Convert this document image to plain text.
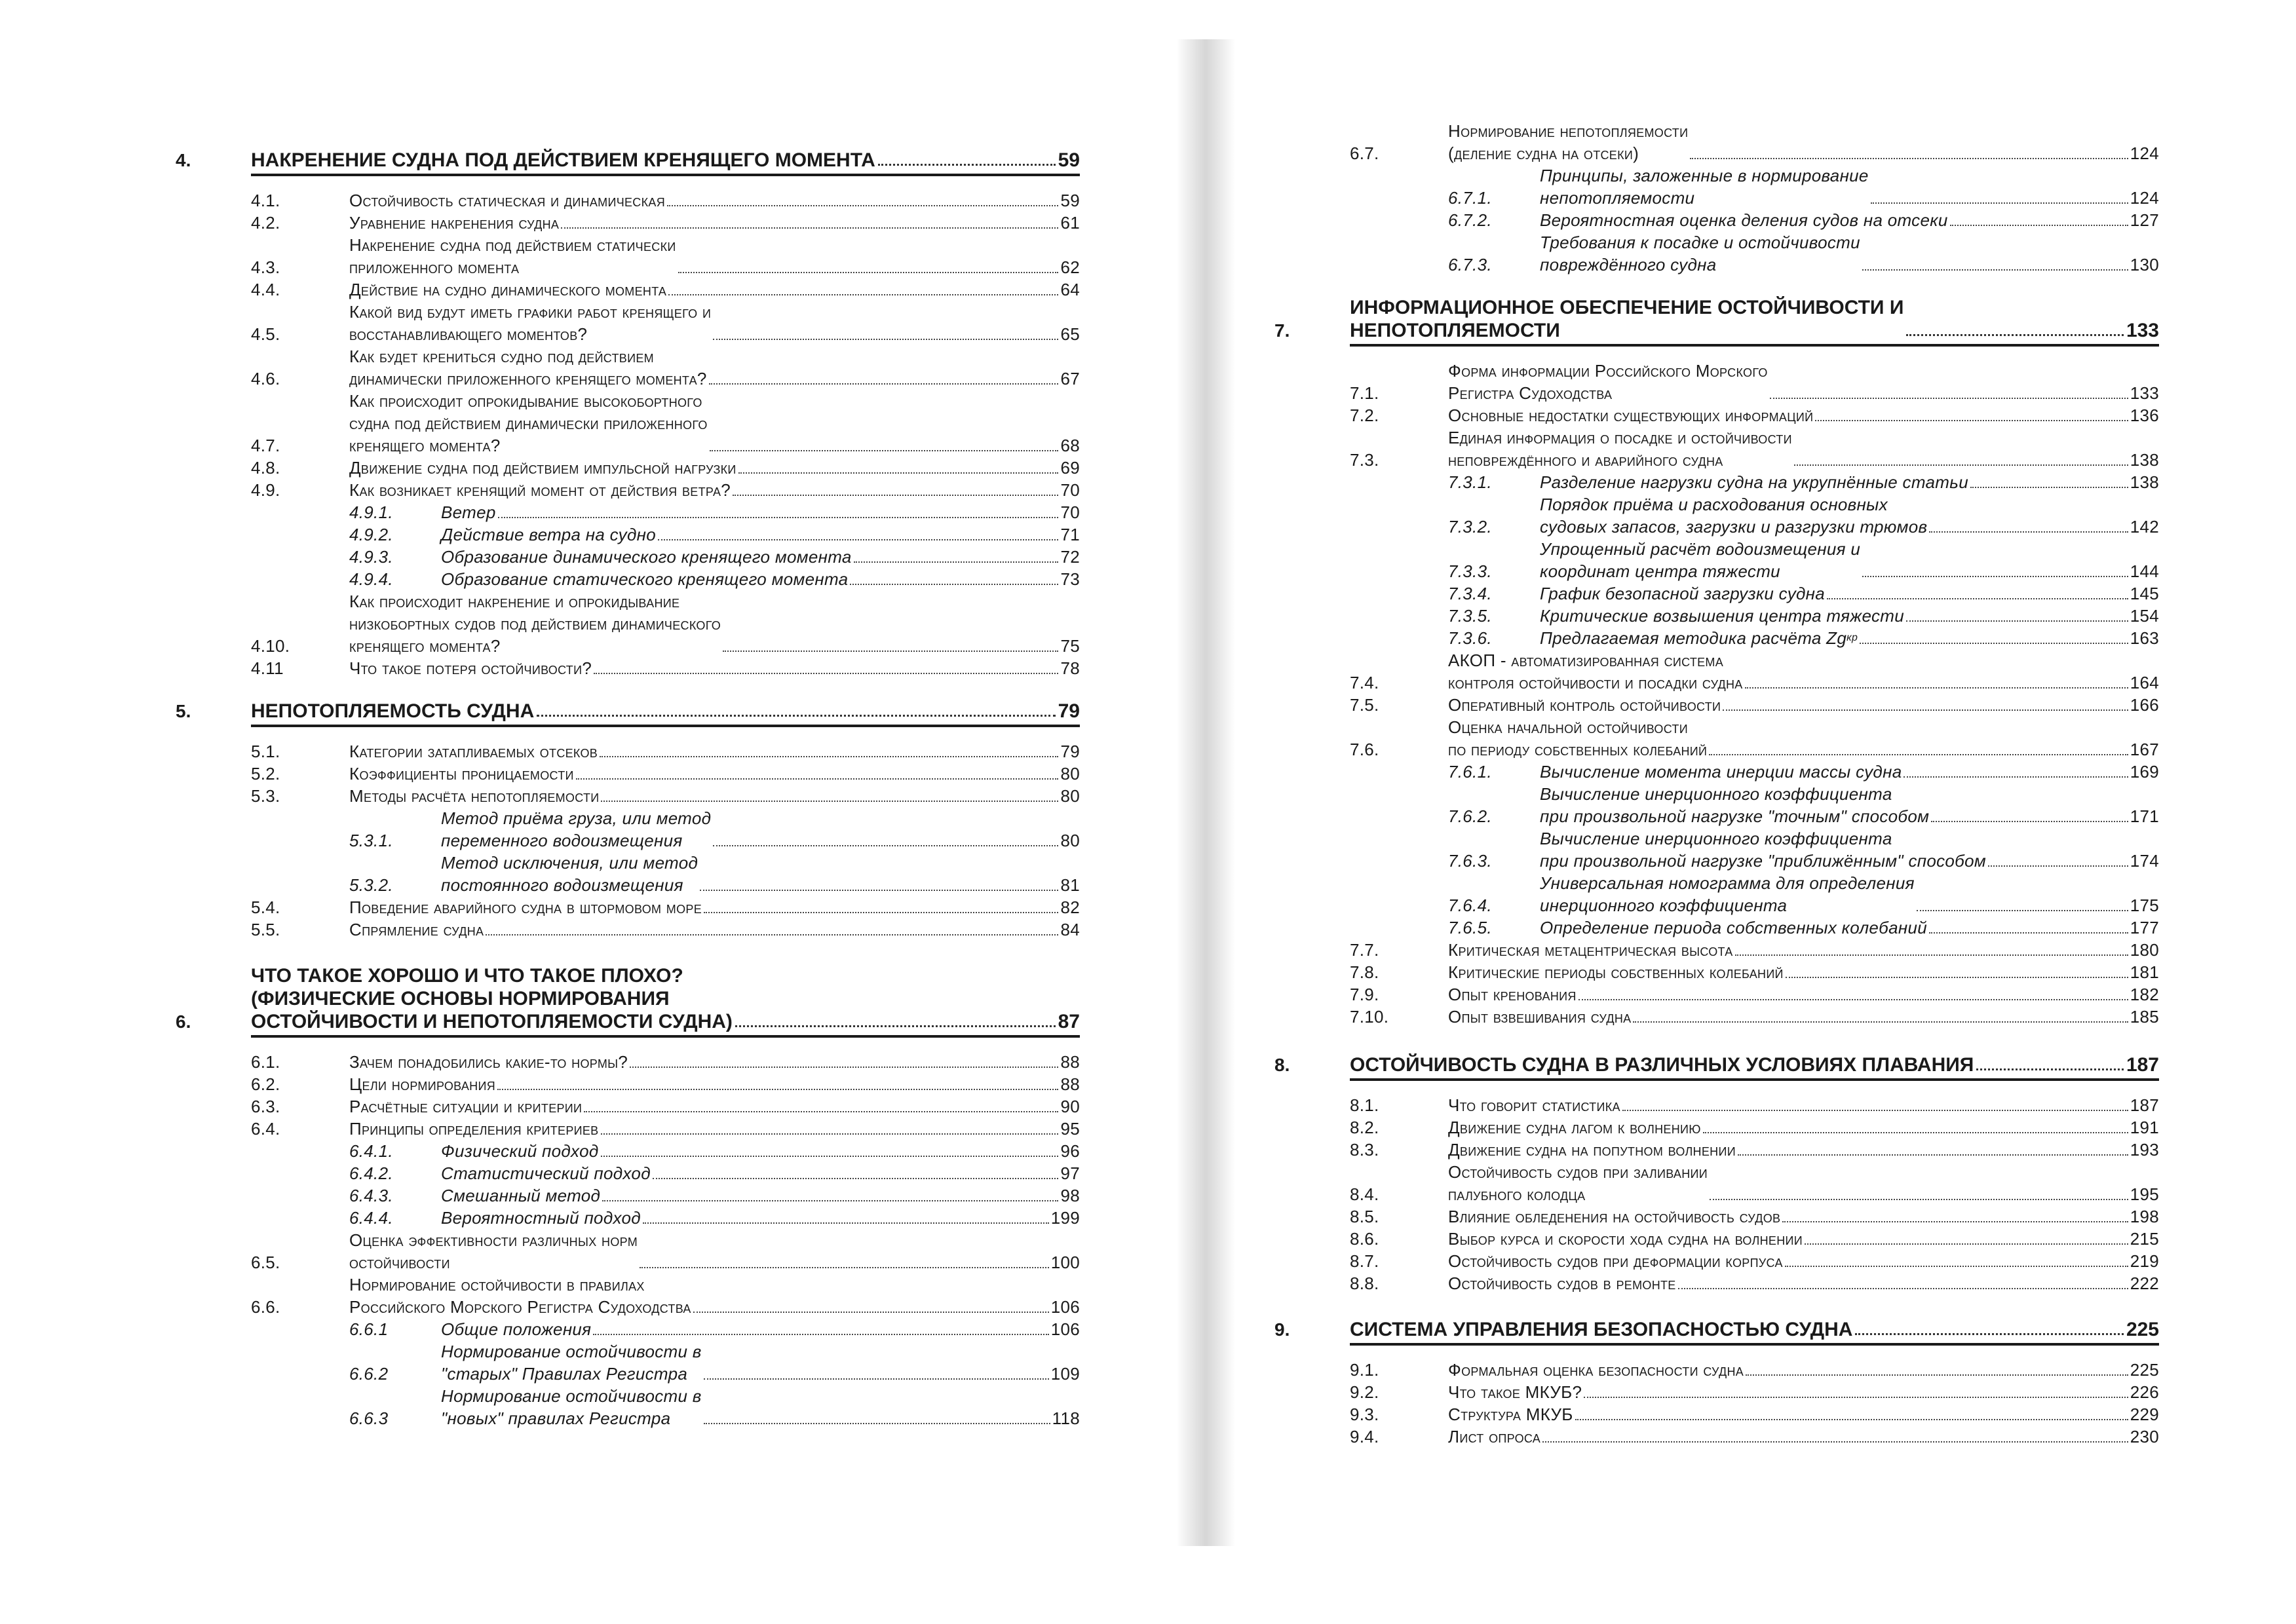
4.	НАКРЕНЕНИЕ СУДНА ПОД ДЕЙСТВИЕМ КРЕНЯЩЕГО МОМЕНТА	59
4.1.	Остойчивость статическая и динамическая	59
4.2.	Уравнение накренения судна	61
4.3.
Накренение судна под действием статически
приложенного момента	62
4.4.	Действие на судно динамического момента	64
4.5.
Какой вид будут иметь графики работ кренящего и
восстанавливающего моментов?	65
4.6.
Как будет крениться судно под действием
динамически приложенного кренящего момента?	67
4.7.
Как происходит опрокидывание высокобортного
судна под действием динамически приложенного
кренящего момента?	68
4.8.	Движение судна под действием импульсной нагрузки	69
4.9.	Как возникает кренящий момент от действия ветра?	70
4.9.1.	Ветер	70
4.9.2.	Действие ветра на судно	71
4.9.3.	Образование динамического кренящего момента	72
4.9.4.	Образование статического кренящего момента	73
4.10.
Как происходит накренение и опрокидывание
низкобортных судов под действием динамического
кренящего момента?	75
4.11	Что такое потеря остойчивости?	78
5.	НЕПОТОПЛЯЕМОСТЬ СУДНА	79
5.1.	Категории затапливаемых отсеков	79
5.2.	Коэффициенты проницаемости	80
5.3.	Методы расчёта непотопляемости	80
5.3.1.
Метод приёма груза, или метод
переменного водоизмещения	80
5.3.2.
Метод исключения, или метод
постоянного водоизмещения	81
5.4.	Поведение аварийного судна в штормовом море	82
5.5.	Спрямление судна	84
6.
ЧТО ТАКОЕ ХОРОШО И ЧТО ТАКОЕ ПЛОХО?
(ФИЗИЧЕСКИЕ ОСНОВЫ НОРМИРОВАНИЯ
ОСТОЙЧИВОСТИ И НЕПОТОПЛЯЕМОСТИ СУДНА)	87
6.1.	Зачем понадобились какие-то нормы?	88
6.2.	Цели нормирования	88
6.3.	Расчётные ситуации и критерии	90
6.4.	Принципы определения критериев	95
6.4.1.	Физический подход	96
6.4.2.	Статистический подход	97
6.4.3.	Смешанный метод	98
6.4.4.	Вероятностный подход	199
6.5.
Оценка эффективности различных норм
остойчивости	100
6.6.
Нормирование остойчивости в правилах
Российского Морского Регистра Судоходства	106
6.6.1	Общие положения	106
6.6.2
Нормирование остойчивости в
"старых" Правилах Регистра	109
6.6.3
Нормирование остойчивости в
"новых" правилах Регистра	118
6.7.
Нормирование непотопляемости
(деление судна на отсеки)	124
6.7.1.
Принципы, заложенные в нормирование
непотопляемости	124
6.7.2.	Вероятностная оценка деления судов на отсеки	127
6.7.3.
Требования к посадке и остойчивости
повреждённого судна	130
7.
ИНФОРМАЦИОННОЕ ОБЕСПЕЧЕНИЕ ОСТОЙЧИВОСТИ И
НЕПОТОПЛЯЕМОСТИ	133
7.1.
Форма информации Российского Морского
Регистра Судоходства	133
7.2.	Основные недостатки существующих информаций	136
7.3.
Единая информация о посадке и остойчивости
неповреждённого и аварийного судна	138
7.3.1.	Разделение нагрузки судна на укрупнённые статьи	138
7.3.2.
Порядок приёма и расходования основных
судовых запасов, загрузки и разгрузки трюмов	142
7.3.3.
Упрощенный расчёт водоизмещения и
координат центра тяжести	144
7.3.4.	График безопасной загрузки судна	145
7.3.5.	Критические возвышения центра тяжести	154
7.3.6.	Предлагаемая методика расчёта Zg кр	163
7.4.
АКОП - автоматизированная система
контроля остойчивости и посадки судна	164
7.5.	Оперативный контроль остойчивости	166
7.6.
Оценка начальной остойчивости
по периоду собственных колебаний	167
7.6.1.	Вычисление момента инерции массы судна	169
7.6.2.
Вычисление инерционного коэффициента
при произвольной нагрузке "точным" способом	171
7.6.3.
Вычисление инерционного коэффициента
при произвольной нагрузке "приближённым" способом	174
7.6.4.
Универсальная номограмма для определения
инерционного коэффициента	175
7.6.5.	Определение периода собственных колебаний	177
7.7.	Критическая метацентрическая высота	180
7.8.	Критические периоды собственных колебаний	181
7.9.	Опыт кренования	182
7.10.	Опыт взвешивания судна	185
8.	ОСТОЙЧИВОСТЬ СУДНА В РАЗЛИЧНЫХ УСЛОВИЯХ ПЛАВАНИЯ	187
8.1.	Что говорит статистика	187
8.2.	Движение судна лагом к волнению	191
8.3.	Движение судна на попутном волнении	193
8.4.
Остойчивость судов при заливании
палубного колодца	195
8.5.	Влияние обледенения на остойчивость судов	198
8.6.	Выбор курса и скорости хода судна на волнении	215
8.7.	Остойчивость судов при деформации корпуса	219
8.8.	Остойчивость судов в ремонте	222
9.	СИСТЕМА УПРАВЛЕНИЯ БЕЗОПАСНОСТЬЮ СУДНА	225
9.1.	Формальная оценка безопасности судна	225
9.2.	Что такое МКУБ?	226
9.3.	Структура МКУБ	229
9.4.	Лист опроса	230
